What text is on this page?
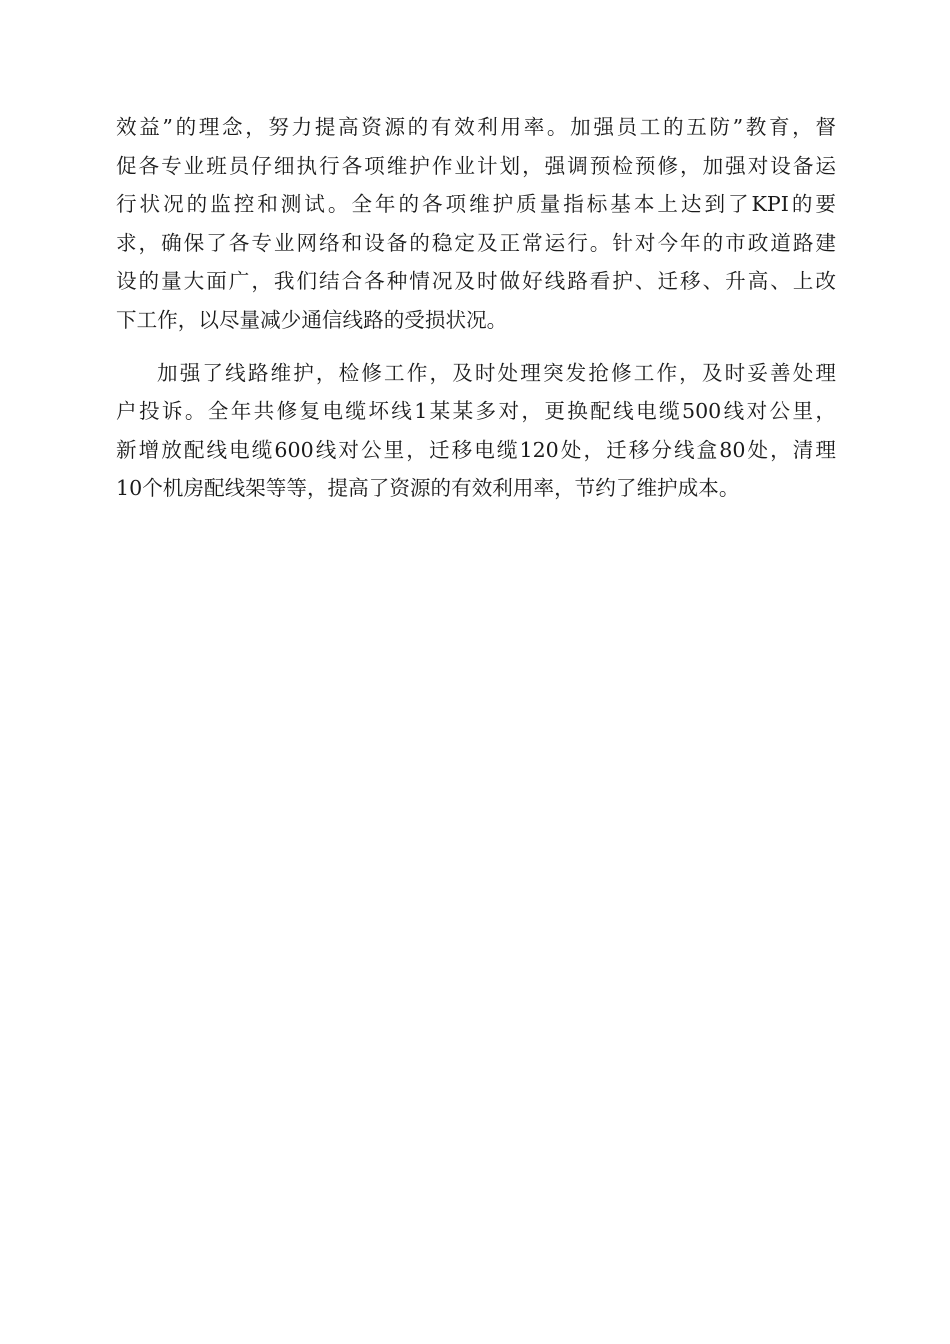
效益”的理念，努力提高资源的有效利用率。加强员工的五防”教育，督
促各专业班员仔细执行各项维护作业计划，强调预检预修，加强对设备运
行状况的监控和测试。全年的各项维护质量指标基本上达到了KPI的要
求，确保了各专业网络和设备的稳定及正常运行。针对今年的市政道路建
设的量大面广，我们结合各种情况及时做好线路看护、迁移、升高、上改
下工作，以尽量减少通信线路的受损状况。

加强了线路维护，检修工作，及时处理突发抢修工作，及时妥善处理
户投诉。全年共修复电缆坏线1某某多对，更换配线电缆500线对公里，
新增放配线电缆600线对公里，迁移电缆120处，迁移分线盒80处，清理
10个机房配线架等等，提高了资源的有效利用率，节约了维护成本。
